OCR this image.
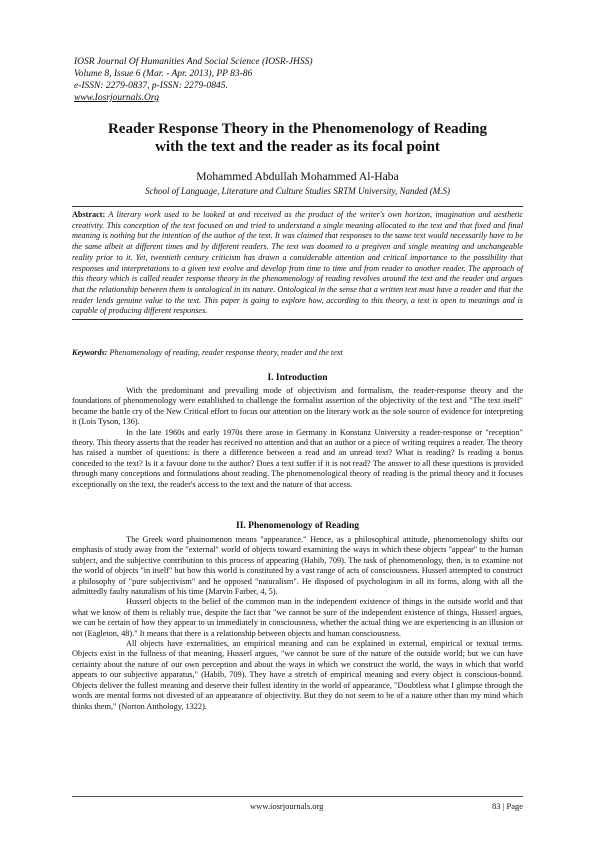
IOSR Journal Of Humanities And Social Science (IOSR-JHSS)
Volume 8, Issue 6 (Mar. - Apr. 2013), PP 83-86
e-ISSN: 2279-0837, p-ISSN: 2279-0845.
www.Iosrjournals.Org
Reader Response Theory in the Phenomenology of Reading
with the text and the reader as its focal point
Mohammed Abdullah Mohammed Al-Haba
School of Language, Literature and Culture Studies SRTM University, Nanded (M.S)
Abstract: A literary work used to be looked at and received as the product of the writer's own horizon, imagination and aesthetic creativity. This conception of the text focused on and tried to understand a single meaning allocated to the text and that fixed and final meaning is nothing but the intention of the author of the text. It was claimed that responses to the same text would necessarily have to be the same albeit at different times and by different readers. The text was doomed to a pregiven and single meaning and unchangeable reality prior to it. Yet, twentieth century criticism has drawn a considerable attention and critical importance to the possibility that responses and interpretations to a given text evolve and develop from time to time and from reader to another reader. The approach of this theory which is called reader response theory in the phenomenology of reading revolves around the text and the reader and argues that the relationship between them is ontological in its nature. Ontological in the sense that a written text must have a reader and that the reader lends genuine value to the text. This paper is going to explore how, according to this theory, a text is open to meanings and is capable of producing different responses.
Keywords: Phenomenology of reading, reader response theory, reader and the text
I. Introduction

With the predominant and prevailing mode of objectivism and formalism, the reader-response theory and the foundations of phenomenology were established to challenge the formalist assertion of the objectivity of the text and "The text itself" became the battle cry of the New Critical effort to focus our attention on the literary work as the sole source of evidence for interpreting it (Lois Tyson, 136).

In the late 1960s and early 1970s there arose in Germany in Konstanz University a reader-response or "reception" theory. This theory asserts that the reader has received no attention and that an author or a piece of writing requires a reader. The theory has raised a number of questions: is there a difference between a read and an unread text? What is reading? Is reading a bonus conceded to the text? Is it a favour done to the author? Does a text suffer if it is not read? The answer to all these questions is provided through many conceptions and formulations about reading. The phenomenological theory of reading is the primal theory and it focuses exceptionally on the text, the reader's access to the text and the nature of that access.

II. Phenomenology of Reading

The Greek word phainomenon means "appearance." Hence, as a philosophical attitude, phenomenology shifts our emphasis of study away from the "external" world of objects toward examining the ways in which these objects ''appear'' to the human subject, and the subjective contribution to this process of appearing (Habib, 709). The task of phenomenology, then, is to examine not the world of objects "in itself" but how this world is constituted by a vast range of acts of consciousness. Husserl attempted to construct a philosophy of "pure subjectivism" and he opposed "naturalism". He disposed of psychologism in all its forms, along with all the admittedly faulty naturalism of his time (Marvin Farber, 4, 5).

Husserl objects to the belief of the common man in the independent existence of things in the outside world and that what we know of them is reliably true, despite the fact that "we cannot be sure of the independent existence of things, Husserl argues, we can be certain of how they appear to us immediately in consciousness, whether the actual thing we are experiencing is an illusion or not (Eagleton, 48)." It means that there is a relationship between objects and human consciousness.

All objects have externalities, an empirical meaning and can be explained in external, empirical or textual terms. Objects exist in the fullness of that meaning, Husserl argues, "we cannot be sure of the nature of the outside world; but we can have certainty about the nature of our own perception and about the ways in which we construct the world, the ways in which that world appears to our subjective apparatus," (Habib, 709). They have a stretch of empirical meaning and every object is conscious-bound. Objects deliver the fullest meaning and deserve their fullest identity in the world of appearance, "Doubtless what I glimpse through the words are mental forms not divested of an appearance of objectivity. But they do not seem to be of a nature other than my mind which thinks them," (Norton Anthology, 1322).

www.iosrjournals.org	83 | Page
